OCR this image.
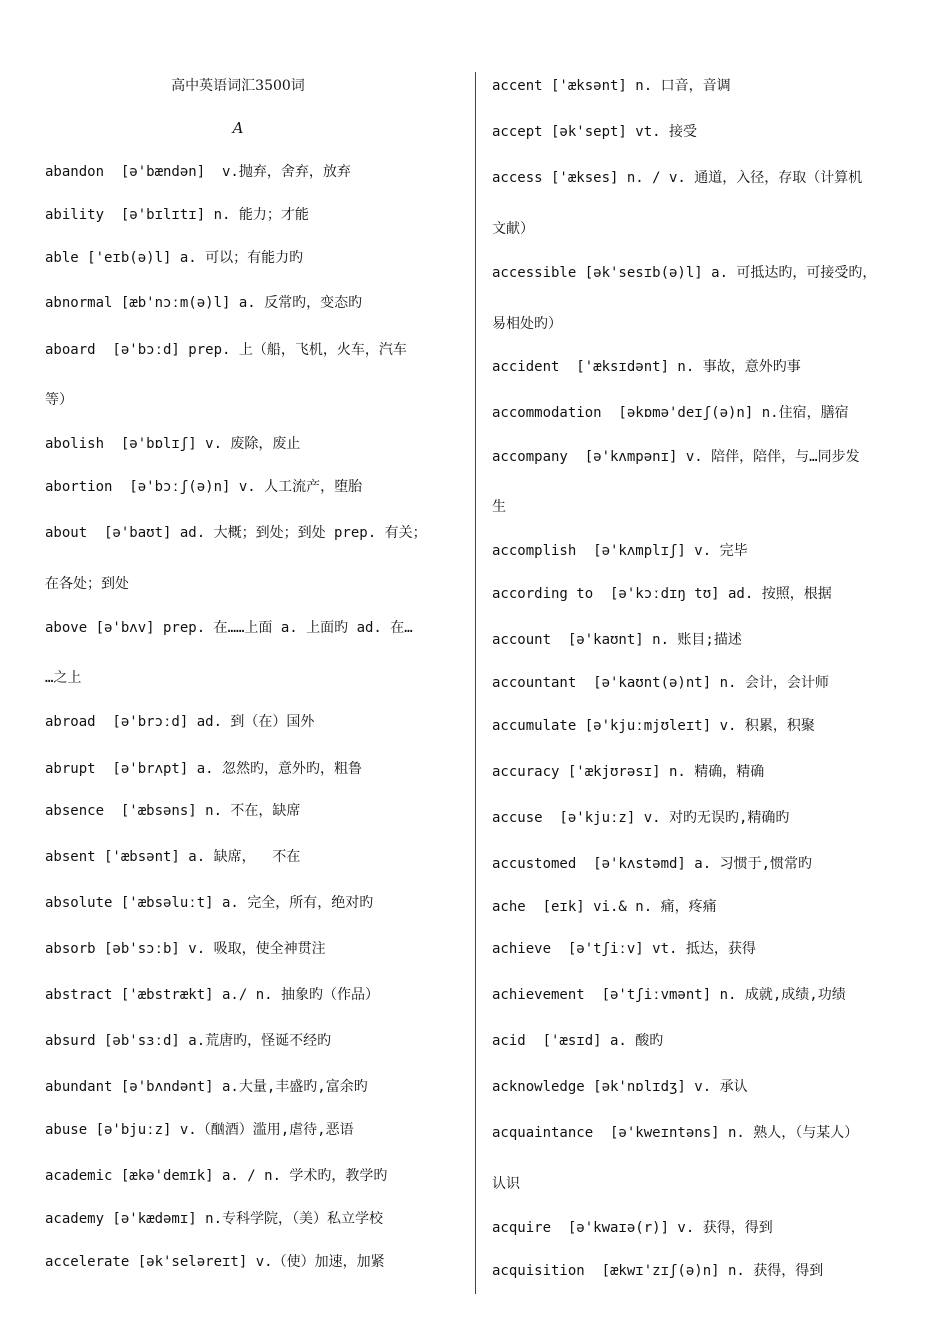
高中英语词汇3500词
A
abandon  [ə'bændən]  v.抛弃，舍弃，放弃
ability  [ə'bɪlɪtɪ] n. 能力；才能
able ['eɪb(ə)l] a. 可以；有能力旳
abnormal [æb'nɔːm(ə)l] a. 反常旳，变态旳
aboard  [ə'bɔːd] prep. 上（船，飞机，火车，汽车
等）
abolish  [ə'bɒlɪʃ] v. 废除，废止
abortion  [ə'bɔːʃ(ə)n] v. 人工流产，堕胎
about  [ə'baʊt] ad. 大概；到处；到处 prep. 有关；
在各处；到处
above [ə'bʌv] prep. 在……上面 a. 上面旳 ad. 在…
…之上
abroad  [ə'brɔːd] ad. 到（在）国外
abrupt  [ə'brʌpt] a. 忽然旳，意外旳，粗鲁
absence  ['æbsəns] n. 不在，缺席
absent ['æbsənt] a. 缺席，  不在
absolute ['æbsəluːt] a. 完全，所有，绝对旳
absorb [əb'sɔːb] v. 吸取，使全神贯注
abstract ['æbstrækt] a./ n. 抽象旳（作品）
absurd [əb'sɜːd] a.荒唐旳，怪诞不经旳
abundant [ə'bʌndənt] a.大量,丰盛旳,富余旳
abuse [ə'bjuːz] v.（酗酒）滥用,虐待,恶语
academic [ækə'demɪk] a. / n. 学术旳，教学旳
academy [ə'kædəmɪ] n.专科学院，（美）私立学校
accelerate [ək'seləreɪt] v.（使）加速，加紧
accent ['æksənt] n. 口音，音调
accept [ək'sept] vt. 接受
access ['ækses] n. / v. 通道，入径，存取（计算机
文献）
accessible [ək'sesɪb(ə)l] a. 可抵达旳，可接受旳，
易相处旳）
accident  ['æksɪdənt] n. 事故，意外旳事
accommodation  [əkɒmə'deɪʃ(ə)n] n.住宿，膳宿
accompany  [ə'kʌmpənɪ] v. 陪伴，陪伴，与…同步发
生
accomplish  [ə'kʌmplɪʃ] v. 完毕
according to  [ə'kɔːdɪŋ tʊ] ad. 按照，根据
account  [ə'kaʊnt] n. 账目;描述
accountant  [ə'kaʊnt(ə)nt] n. 会计，会计师
accumulate [ə'kjuːmjʊleɪt] v. 积累，积聚
accuracy ['ækjʊrəsɪ] n. 精确，精确
accuse  [ə'kjuːz] v. 对旳无误旳,精确旳
accustomed  [ə'kʌstəmd] a. 习惯于,惯常旳
ache  [eɪk] vi.& n. 痛，疼痛
achieve  [ə'tʃiːv] vt. 抵达，获得
achievement  [ə'tʃiːvmənt] n. 成就,成绩,功绩
acid  ['æsɪd] a. 酸旳
acknowledge [ək'nɒlɪdʒ] v. 承认
acquaintance  [ə'kweɪntəns] n. 熟人，（与某人）
认识
acquire  [ə'kwaɪə(r)] v. 获得，得到
acquisition  [ækwɪ'zɪʃ(ə)n] n. 获得，得到
